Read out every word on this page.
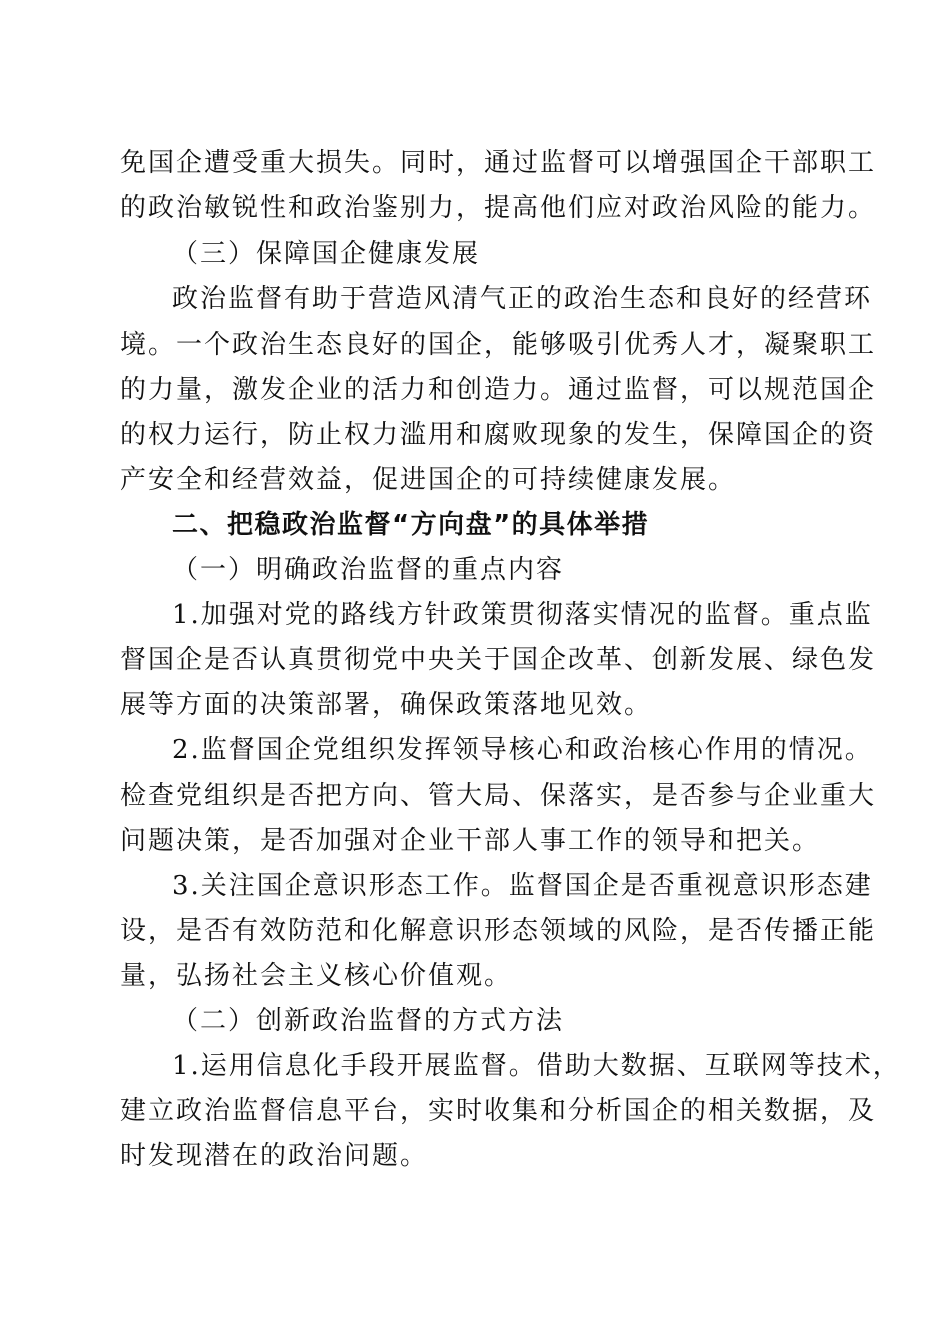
免国企遭受重大损失。同时，通过监督可以增强国企干部职工
的政治敏锐性和政治鉴别力，提高他们应对政治风险的能力。
（三）保障国企健康发展
政治监督有助于营造风清气正的政治生态和良好的经营环
境。一个政治生态良好的国企，能够吸引优秀人才，凝聚职工
的力量，激发企业的活力和创造力。通过监督，可以规范国企
的权力运行，防止权力滥用和腐败现象的发生，保障国企的资
产安全和经营效益，促进国企的可持续健康发展。
二、把稳政治监督“方向盘”的具体举措
（一）明确政治监督的重点内容
1.加强对党的路线方针政策贯彻落实情况的监督。重点监
督国企是否认真贯彻党中央关于国企改革、创新发展、绿色发
展等方面的决策部署，确保政策落地见效。
2.监督国企党组织发挥领导核心和政治核心作用的情况。
检查党组织是否把方向、管大局、保落实，是否参与企业重大
问题决策，是否加强对企业干部人事工作的领导和把关。
3.关注国企意识形态工作。监督国企是否重视意识形态建
设，是否有效防范和化解意识形态领域的风险，是否传播正能
量，弘扬社会主义核心价值观。
（二）创新政治监督的方式方法
1.运用信息化手段开展监督。借助大数据、互联网等技术，
建立政治监督信息平台，实时收集和分析国企的相关数据，及
时发现潜在的政治问题。
